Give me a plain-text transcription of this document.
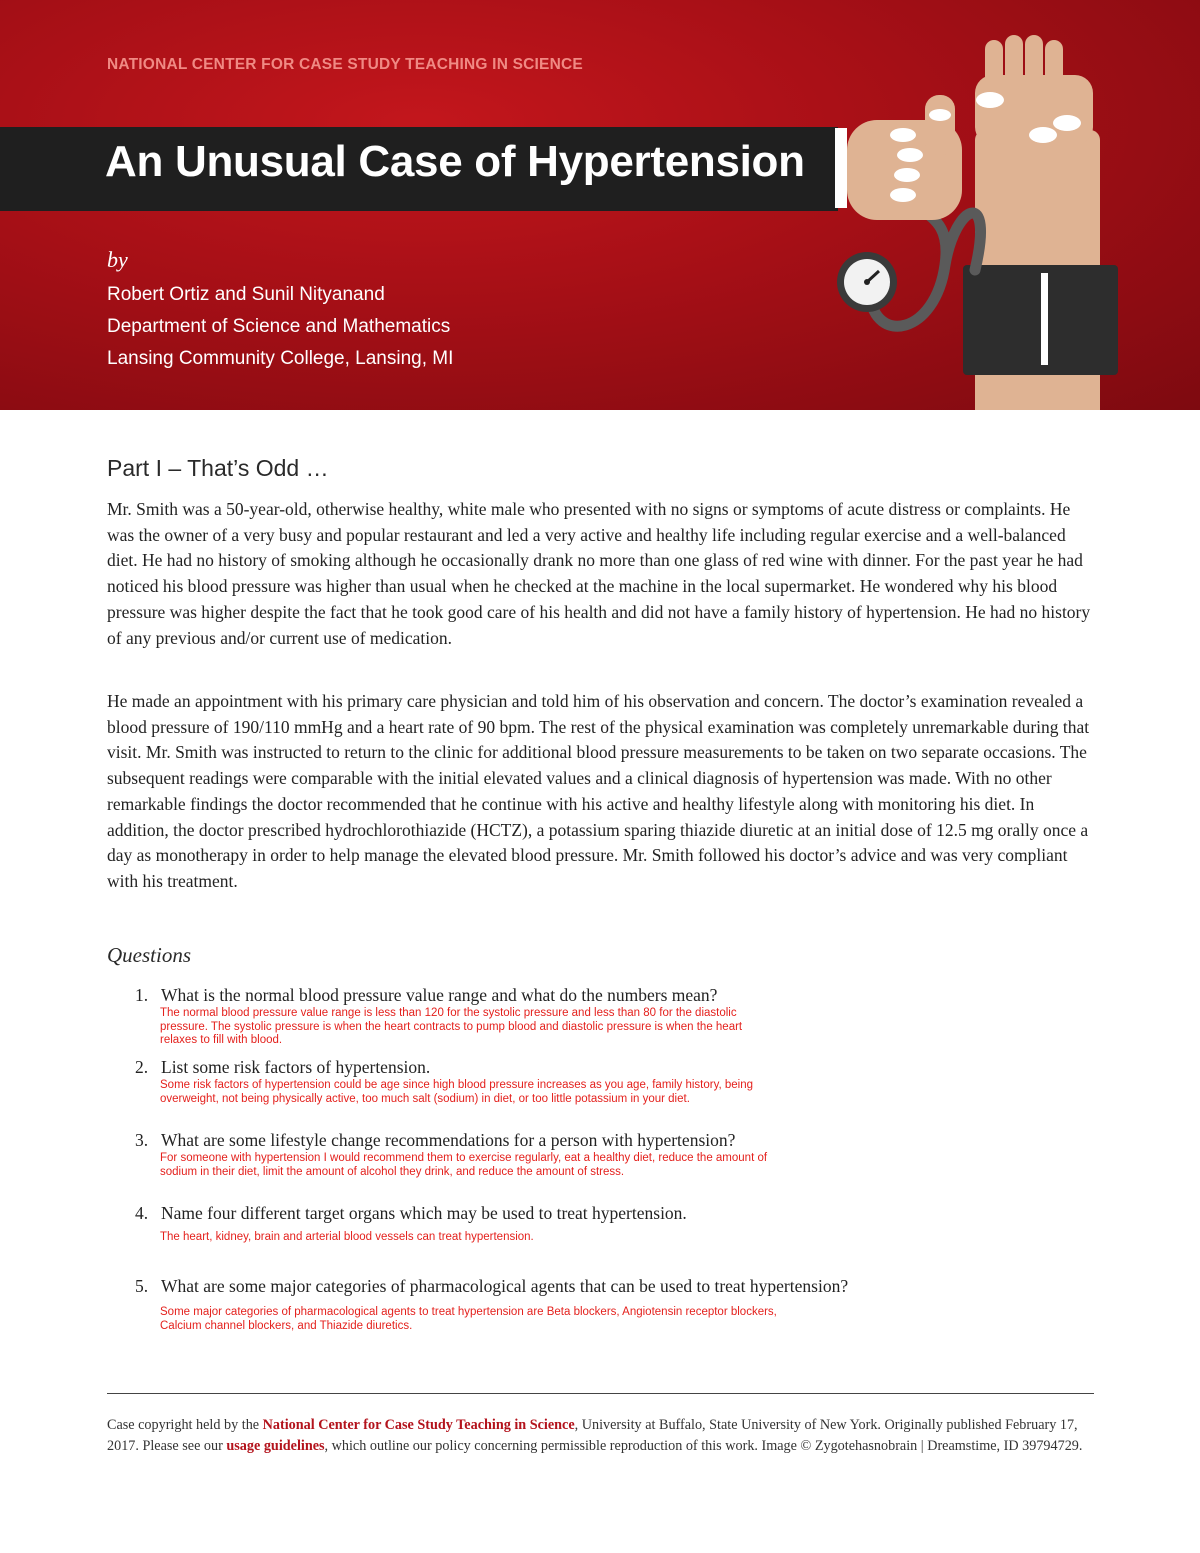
NATIONAL CENTER FOR CASE STUDY TEACHING IN SCIENCE

An Unusual Case of Hypertension

by

Robert Ortiz and Sunil Nityanand

Department of Science and Mathematics

Lansing Community College, Lansing, MI

Part I – That’s Odd …

Mr. Smith was a 50-year-old, otherwise healthy, white male who presented with no signs or symptoms of acute distress or complaints. He was the owner of a very busy and popular restaurant and led a very active and healthy life including regular exercise and a well-balanced diet. He had no history of smoking although he occasionally drank no more than one glass of red wine with dinner. For the past year he had noticed his blood pressure was higher than usual when he checked at the machine in the local supermarket. He wondered why his blood pressure was higher despite the fact that he took good care of his health and did not have a family history of hypertension. He had no history of any previous and/or current use of medication.

He made an appointment with his primary care physician and told him of his observation and concern. The doctor’s examination revealed a blood pressure of 190/110 mmHg and a heart rate of 90 bpm. The rest of the physical examination was completely unremarkable during that visit. Mr. Smith was instructed to return to the clinic for additional blood pressure measurements to be taken on two separate occasions. The subsequent readings were comparable with the initial elevated values and a clinical diagnosis of hypertension was made. With no other remarkable findings the doctor recommended that he continue with his active and healthy lifestyle along with monitoring his diet. In addition, the doctor prescribed hydrochlorothiazide (HCTZ), a potassium sparing thiazide diuretic at an initial dose of 12.5 mg orally once a day as monotherapy in order to help manage the elevated blood pressure. Mr. Smith followed his doctor’s advice and was very compliant with his treatment.

Questions

1. What is the normal blood pressure value range and what do the numbers mean?

The normal blood pressure value range is less than 120 for the systolic pressure and less than 80 for the diastolic pressure. The systolic pressure is when the heart contracts to pump blood and diastolic pressure is when the heart relaxes to fill with blood.

2. List some risk factors of hypertension.

Some risk factors of hypertension could be age since high blood pressure increases as you age, family history, being overweight, not being physically active, too much salt (sodium) in diet, or too little potassium in your diet.

3. What are some lifestyle change recommendations for a person with hypertension?

For someone with hypertension I would recommend them to exercise regularly, eat a healthy diet, reduce the amount of sodium in their diet, limit the amount of alcohol they drink, and reduce the amount of stress.

4. Name four different target organs which may be used to treat hypertension.

The heart, kidney, brain and arterial blood vessels can treat hypertension.

5. What are some major categories of pharmacological agents that can be used to treat hypertension?

Some major categories of pharmacological agents to treat hypertension are Beta blockers, Angiotensin receptor blockers, Calcium channel blockers, and Thiazide diuretics.

Case copyright held by the National Center for Case Study Teaching in Science, University at Buffalo, State University of New York. Originally published February 17, 2017. Please see our usage guidelines, which outline our policy concerning permissible reproduction of this work. Image © Zygotehasnobrain | Dreamstime, ID 39794729.
